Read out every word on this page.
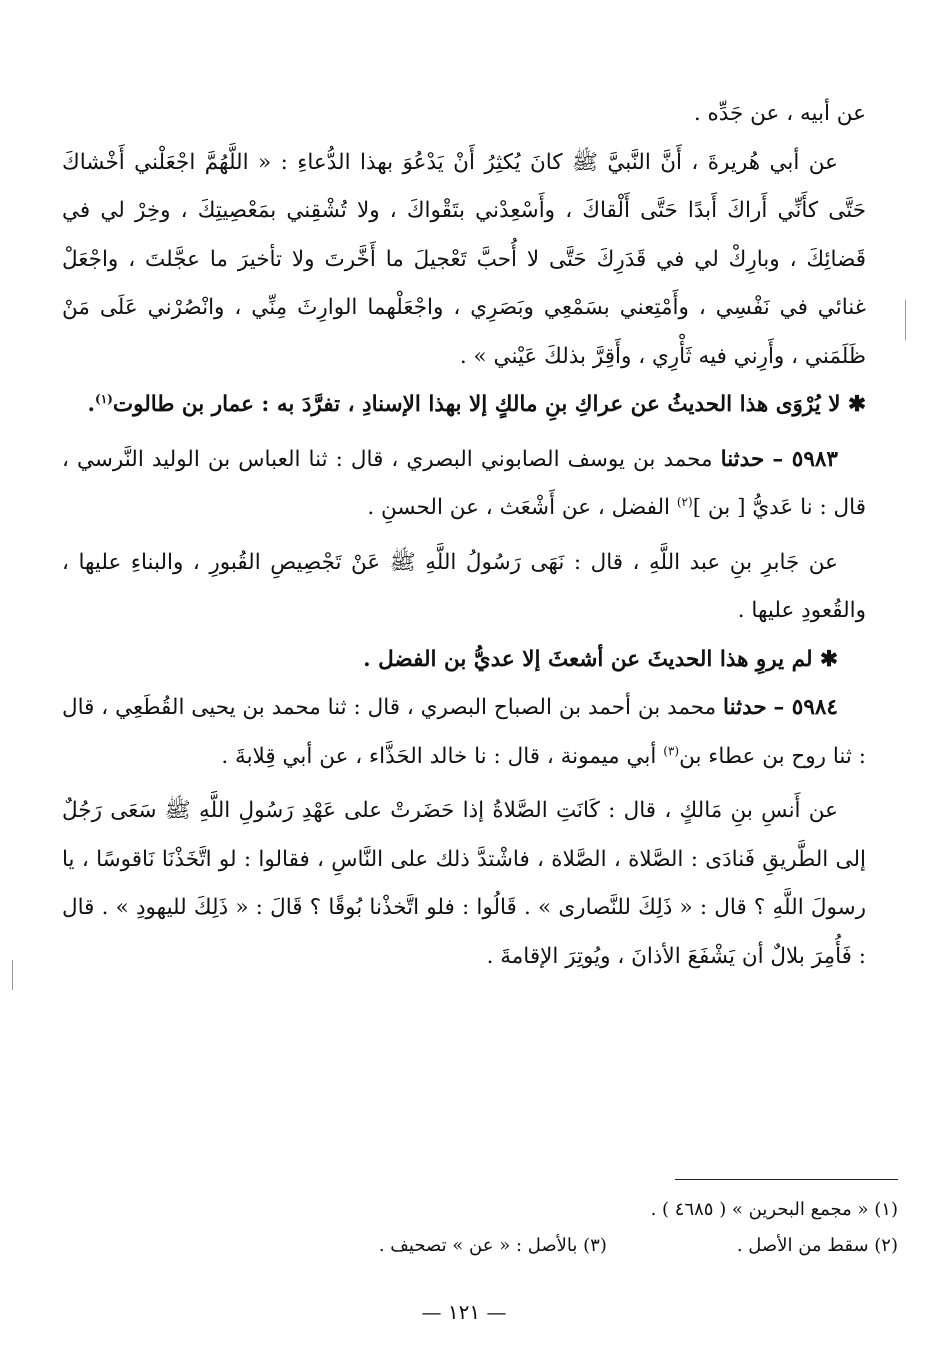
عن أبيه ، عن جَدِّه .

عن أبي هُريرةَ ، أَنَّ النَّبيَّ ﷺ كانَ يُكثِرُ أَنْ يَدْعُوَ بهذا الدُّعاءِ : « اللَّهُمَّ اجْعَلْني أَخْشاكَ حَتَّى كأَنِّي أَراكَ أَبدًا حَتَّى أَلْقاكَ ، وأَسْعِدْني بتَقْواكَ ، ولا تُشْقِني بمَعْصِيتِكَ ، وخِرْ لي في قَضائِكَ ، وبارِكْ لي في قَدَرِكَ حَتَّى لا أُحبَّ تَعْجيلَ ما أَخَّرتَ ولا تأخيرَ ما عجَّلتَ ، واجْعَلْ غنائي في نَفْسِي ، وأَمْتِعني بسَمْعِي وبَصَرِي ، واجْعَلْهما الوارِثَ مِنِّي ، وانْصُرْني عَلَى مَنْ ظَلَمَني ، وأَرِني فيه ثَأْرِي ، وأَقِرَّ بذلكَ عَيْني » .

✱ لا يُرْوَى هذا الحديثُ عن عراكِ بنِ مالكٍ إلا بهذا الإسنادِ ، تفرَّدَ به : عمار بن طالوت$^{(١)}$.

٥٩٨٣ – حدثنا محمد بن يوسف الصابوني البصري ، قال : ثنا العباس بن الوليد النَّرسي ، قال : نا عَديُّ [ بن ]$^{(٢)}$ الفضل ، عن أَشْعَث ، عن الحسنِ .

عن جَابرِ بنِ عبد اللَّهِ ، قال : نَهَى رَسُولُ اللَّهِ ﷺ عَنْ تَجْصِيصِ القُبورِ ، والبناءِ عليها ، والقُعودِ عليها .

✱ لم يروِ هذا الحديثَ عن أشعثَ إلا عديُّ بن الفضل .

٥٩٨٤ – حدثنا محمد بن أحمد بن الصباح البصري ، قال : ثنا محمد بن يحيى القُطَعِي ، قال : ثنا روح بن عطاء بن$^{(٣)}$ أبي ميمونة ، قال : نا خالد الحَذَّاء ، عن أبي قِلابةَ .

عن أَنسِ بنِ مَالكٍ ، قال : كَانَتِ الصَّلاةُ إذا حَضَرتْ على عَهْدِ رَسُولِ اللَّهِ ﷺ سَعَى رَجُلٌ إلى الطَّريقِ فَنادَى : الصَّلاة ، الصَّلاة ، فاشْتدَّ ذلك على النَّاسِ ، فقالوا : لو اتَّخَذْنَا نَاقوسًا ، يا رسولَ اللَّهِ ؟ قال : « ذَلِكَ للنَّصارى » . قَالُوا : فلو اتَّخذْنا بُوقًا ؟ قَالَ : « ذَلِكَ لليهودِ » . قال : فَأُمِرَ بلالٌ أن يَشْفَعَ الأذانَ ، ويُوتِرَ الإقامةَ .

(١) « مجمع البحرين » ( ٤٦٨٥ ) .
(٢) سقط من الأصل .
(٣) بالأصل : « عن » تصحيف .
— ١٢١ —
